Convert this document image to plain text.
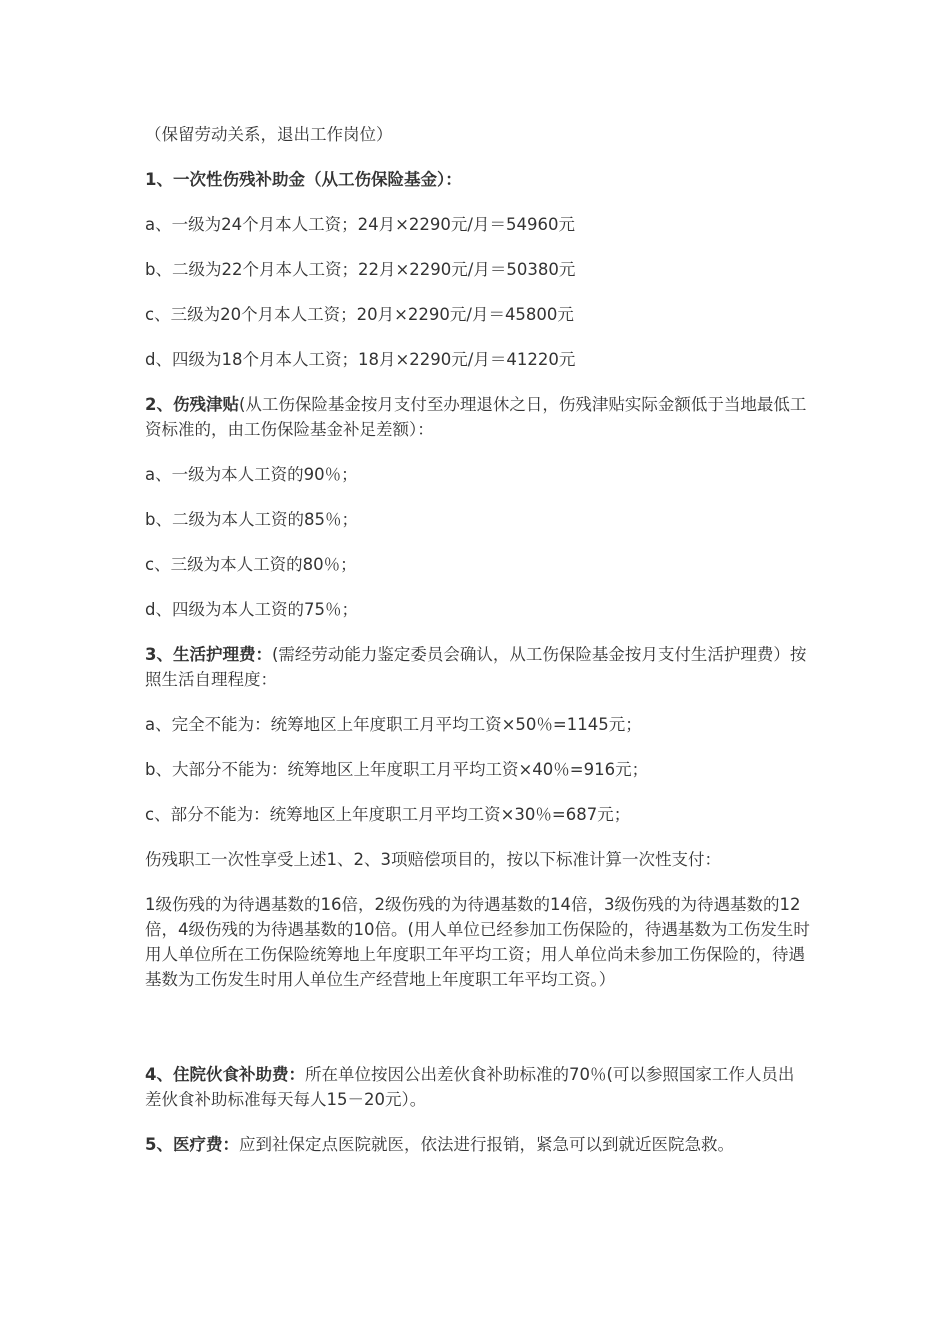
（保留劳动关系，退出工作岗位）

1、一次性伤残补助金（从工伤保险基金）：

a、一级为24个月本人工资；24月×2290元/月＝54960元

b、二级为22个月本人工资；22月×2290元/月＝50380元

c、三级为20个月本人工资；20月×2290元/月＝45800元

d、四级为18个月本人工资；18月×2290元/月＝41220元

2、伤残津贴(从工伤保险基金按月支付至办理退休之日，伤残津贴实际金额低于当地最低工资标准的，由工伤保险基金补足差额）：

a、一级为本人工资的90％；

b、二级为本人工资的85％；

c、三级为本人工资的80％；

d、四级为本人工资的75％；

3、生活护理费：(需经劳动能力鉴定委员会确认，从工伤保险基金按月支付生活护理费）按照生活自理程度：

a、完全不能为：统筹地区上年度职工月平均工资×50％=1145元；

b、大部分不能为：统筹地区上年度职工月平均工资×40％=916元；

c、部分不能为：统筹地区上年度职工月平均工资×30％=687元；

伤残职工一次性享受上述1、2、3项赔偿项目的，按以下标准计算一次性支付：

1级伤残的为待遇基数的16倍，2级伤残的为待遇基数的14倍，3级伤残的为待遇基数的12倍，4级伤残的为待遇基数的10倍。(用人单位已经参加工伤保险的，待遇基数为工伤发生时用人单位所在工伤保险统筹地上年度职工年平均工资；用人单位尚未参加工伤保险的，待遇基数为工伤发生时用人单位生产经营地上年度职工年平均工资。）

4、住院伙食补助费：所在单位按因公出差伙食补助标准的70％(可以参照国家工作人员出差伙食补助标准每天每人15－20元）。

5、医疗费：应到社保定点医院就医，依法进行报销，紧急可以到就近医院急救。
